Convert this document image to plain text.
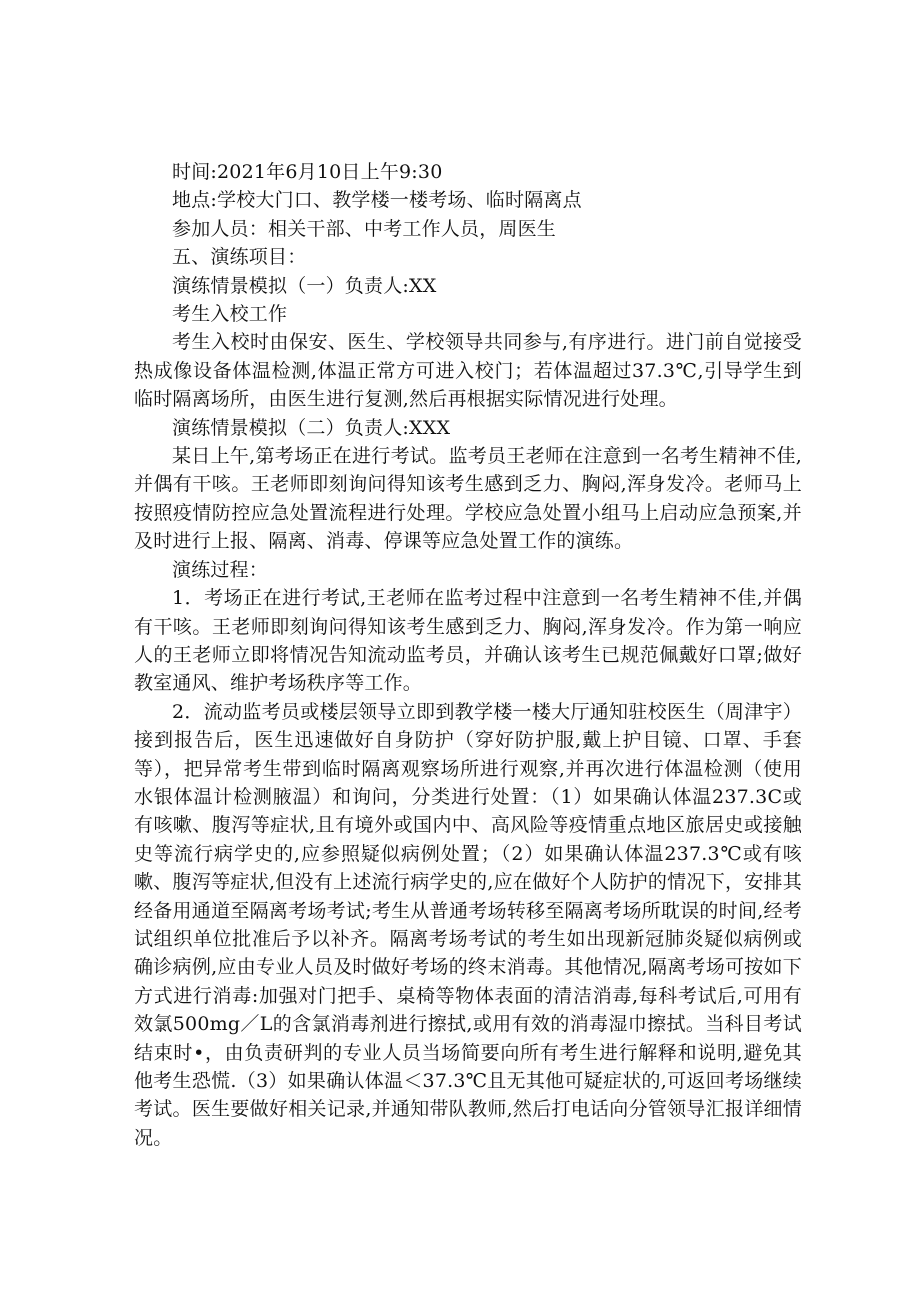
时间:2021年6月10日上午9:30

地点:学校大门口、教学楼一楼考场、临时隔离点

参加人员：相关干部、中考工作人员，周医生

五、演练项目：

演练情景模拟（一）负责人:XX

考生入校工作

考生入校时由保安、医生、学校领导共同参与,有序进行。进门前自觉接受热成像设备体温检测,体温正常方可进入校门；若体温超过37.3℃,引导学生到临时隔离场所，由医生进行复测,然后再根据实际情况进行处理。

演练情景模拟（二）负责人:XXX

某日上午,第考场正在进行考试。监考员王老师在注意到一名考生精神不佳,并偶有干咳。王老师即刻询问得知该考生感到乏力、胸闷,浑身发冷。老师马上按照疫情防控应急处置流程进行处理。学校应急处置小组马上启动应急预案,并及时进行上报、隔离、消毒、停课等应急处置工作的演练。

演练过程：

1．考场正在进行考试,王老师在监考过程中注意到一名考生精神不佳,并偶有干咳。王老师即刻询问得知该考生感到乏力、胸闷,浑身发冷。作为第一响应人的王老师立即将情况告知流动监考员，并确认该考生已规范佩戴好口罩;做好教室通风、维护考场秩序等工作。

2．流动监考员或楼层领导立即到教学楼一楼大厅通知驻校医生（周津宇）接到报告后，医生迅速做好自身防护（穿好防护服,戴上护目镜、口罩、手套等），把异常考生带到临时隔离观察场所进行观察,并再次进行体温检测（使用水银体温计检测腋温）和询问，分类进行处置：（1）如果确认体温237.3C或有咳嗽、腹泻等症状,且有境外或国内中、高风险等疫情重点地区旅居史或接触史等流行病学史的,应参照疑似病例处置；（2）如果确认体温237.3℃或有咳嗽、腹泻等症状,但没有上述流行病学史的,应在做好个人防护的情况下，安排其经备用通道至隔离考场考试;考生从普通考场转移至隔离考场所耽误的时间,经考试组织单位批准后予以补齐。隔离考场考试的考生如出现新冠肺炎疑似病例或确诊病例,应由专业人员及时做好考场的终末消毒。其他情况,隔离考场可按如下方式进行消毒:加强对门把手、桌椅等物体表面的清洁消毒,每科考试后,可用有效氯500mg／L的含氯消毒剂进行擦拭,或用有效的消毒湿巾擦拭。当科目考试结束时•，由负责研判的专业人员当场简要向所有考生进行解释和说明,避免其他考生恐慌.（3）如果确认体温＜37.3℃且无其他可疑症状的,可返回考场继续考试。医生要做好相关记录,并通知带队教师,然后打电话向分管领导汇报详细情况。
